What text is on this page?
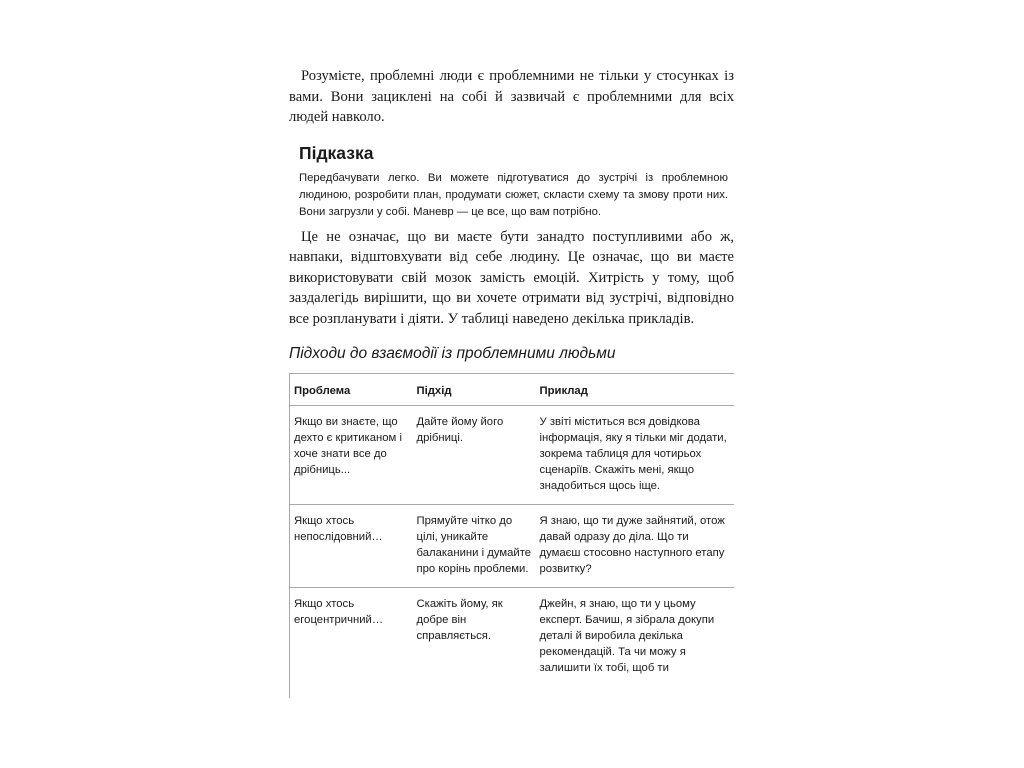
Розумієте, проблемні люди є проблемними не тільки у стосунках із вами. Вони зациклені на собі й зазвичай є проблемними для всіх людей навколо.

Підказка

Передбачувати легко. Ви можете підготуватися до зустрічі із проблемною людиною, розробити план, продумати сюжет, скласти схему та змову проти них. Вони загрузли у собі. Маневр — це все, що вам потрібно.

Це не означає, що ви маєте бути занадто поступливими або ж, навпаки, відштовхувати від себе людину. Це означає, що ви маєте використовувати свій мозок замість емоцій. Хитрість у тому, щоб заздалегідь вирішити, що ви хочете отримати від зустрічі, відповідно все розпланувати і діяти. У таблиці наведено декілька прикладів.

Підходи до взаємодії із проблемними людьми
Проблема	Підхід	Приклад
Якщо ви знаєте, що дехто є критиканом і хоче знати все до дрібниць...	Дайте йому його дрібниці.	У звіті міститься вся довідкова інформація, яку я тільки міг додати, зокрема таблиця для чотирьох сценаріїв. Скажіть мені, якщо знадобиться щось іще.
Якщо хтось непослідовний…	Прямуйте чітко до цілі, уникайте балаканини і думайте про корінь проблеми.	Я знаю, що ти дуже зайнятий, отож давай одразу до діла. Що ти думаєш стосовно наступного етапу розвитку?
Якщо хтось егоцентричний…	Скажіть йому, як добре він справляється.	Джейн, я знаю, що ти у цьому експерт. Бачиш, я зібрала докупи деталі й виробила декілька рекомендацій. Та чи можу я залишити їх тобі, щоб ти
